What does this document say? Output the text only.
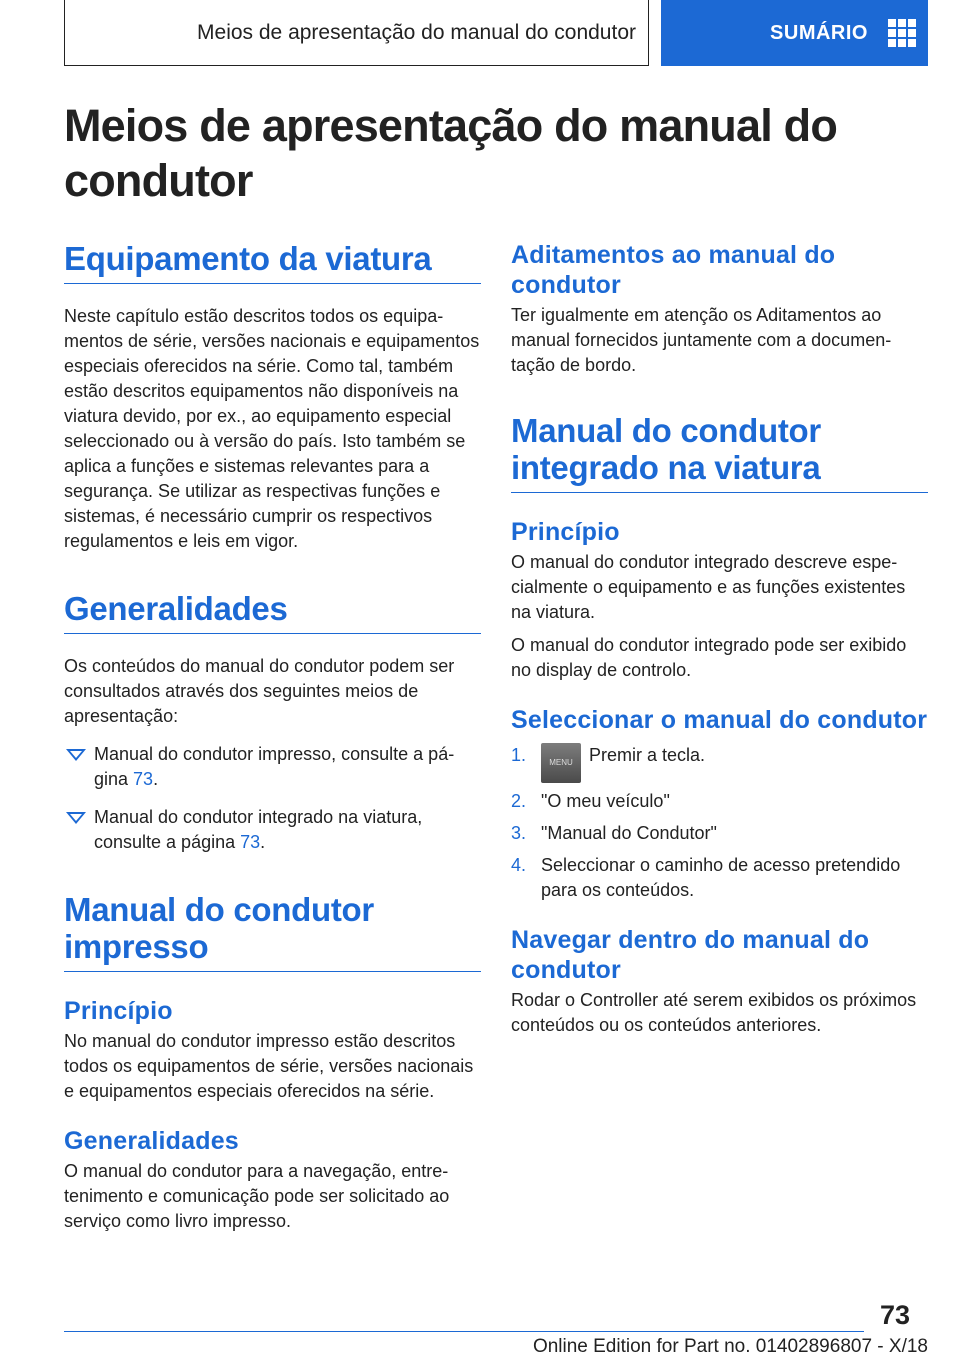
Meios de apresentação do manual do condutor	SUMÁRIO
Meios de apresentação do manual do condutor
Equipamento da viatura

Neste capítulo estão descritos todos os equipamentos de série, versões nacionais e equipamentos especiais oferecidos na série. Como tal, também estão descritos equipamentos não disponíveis na viatura devido, por ex., ao equipamento especial seleccionado ou à versão do país. Isto também se aplica a funções e sistemas relevantes para a segurança. Se utilizar as respectivas funções e sistemas, é necessário cumprir os respectivos regulamentos e leis em vigor.

Generalidades

Os conteúdos do manual do condutor podem ser consultados através dos seguintes meios de apresentação:

Manual do condutor impresso, consulte a página 73.
Manual do condutor integrado na viatura, consulte a página 73.
Manual do condutor impresso
Princípio

No manual do condutor impresso estão descritos todos os equipamentos de série, versões nacionais e equipamentos especiais oferecidos na série.

Generalidades

O manual do condutor para a navegação, entretenimento e comunicação pode ser solicitado ao serviço como livro impresso.

Aditamentos ao manual do condutor

Ter igualmente em atenção os Aditamentos ao manual fornecidos juntamente com a documentação de bordo.

Manual do condutor integrado na viatura
Princípio

O manual do condutor integrado descreve especialmente o equipamento e as funções existentes na viatura.

O manual do condutor integrado pode ser exibido no display de controlo.

Seleccionar o manual do condutor
1.	MENU Premir a tecla.
2. "O meu veículo"
3. "Manual do Condutor"
4. Seleccionar o caminho de acesso pretendido para os conteúdos.
Navegar dentro do manual do condutor

Rodar o Controller até serem exibidos os próximos conteúdos ou os conteúdos anteriores.

73
Online Edition for Part no. 01402896807 - X/18
